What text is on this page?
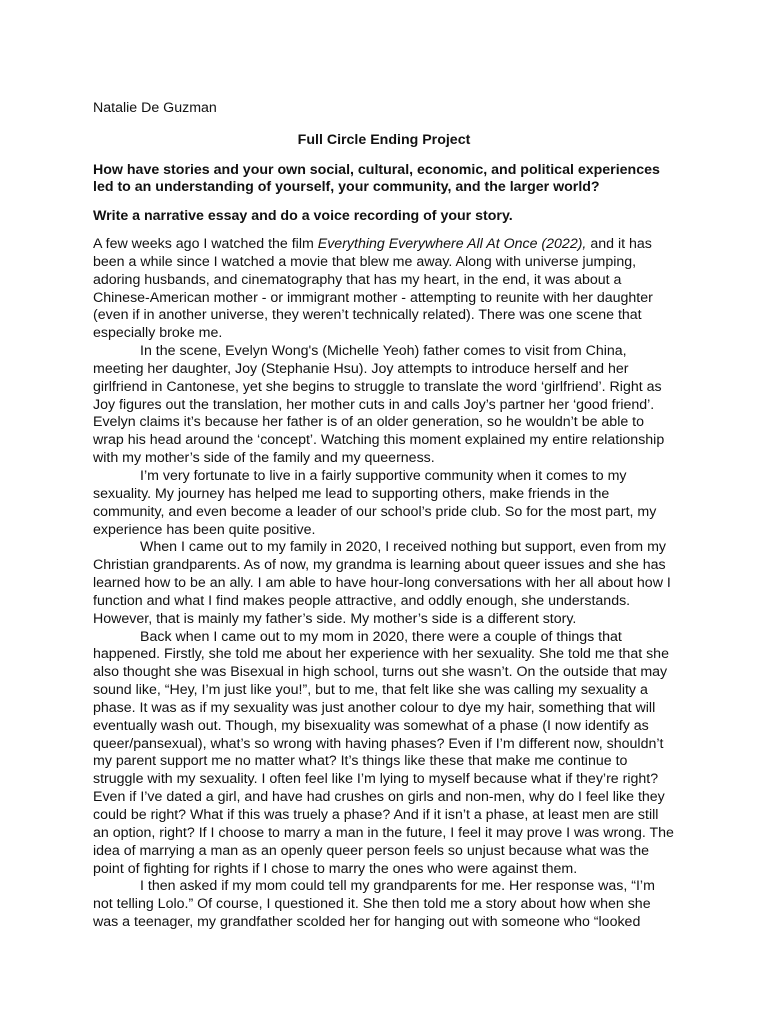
Natalie De Guzman
Full Circle Ending Project
How have stories and your own social, cultural, economic, and political experiences
led to an understanding of yourself, your community, and the larger world?
Write a narrative essay and do a voice recording of your story.
A few weeks ago I watched the film Everything Everywhere All At Once (2022), and it has
been a while since I watched a movie that blew me away. Along with universe jumping,
adoring husbands, and cinematography that has my heart, in the end, it was about a
Chinese-American mother - or immigrant mother - attempting to reunite with her daughter
(even if in another universe, they weren’t technically related). There was one scene that
especially broke me.
In the scene, Evelyn Wong's (Michelle Yeoh) father comes to visit from China,
meeting her daughter, Joy (Stephanie Hsu). Joy attempts to introduce herself and her
girlfriend in Cantonese, yet she begins to struggle to translate the word ‘girlfriend’. Right as
Joy figures out the translation, her mother cuts in and calls Joy’s partner her ‘good friend’.
Evelyn claims it’s because her father is of an older generation, so he wouldn’t be able to
wrap his head around the ‘concept’. Watching this moment explained my entire relationship
with my mother’s side of the family and my queerness.
I’m very fortunate to live in a fairly supportive community when it comes to my
sexuality. My journey has helped me lead to supporting others, make friends in the
community, and even become a leader of our school’s pride club. So for the most part, my
experience has been quite positive.
When I came out to my family in 2020, I received nothing but support, even from my
Christian grandparents. As of now, my grandma is learning about queer issues and she has
learned how to be an ally. I am able to have hour-long conversations with her all about how I
function and what I find makes people attractive, and oddly enough, she understands.
However, that is mainly my father’s side. My mother’s side is a different story.
Back when I came out to my mom in 2020, there were a couple of things that
happened. Firstly, she told me about her experience with her sexuality. She told me that she
also thought she was Bisexual in high school, turns out she wasn’t. On the outside that may
sound like, “Hey, I’m just like you!”, but to me, that felt like she was calling my sexuality a
phase. It was as if my sexuality was just another colour to dye my hair, something that will
eventually wash out. Though, my bisexuality was somewhat of a phase (I now identify as
queer/pansexual), what’s so wrong with having phases? Even if I’m different now, shouldn’t
my parent support me no matter what? It’s things like these that make me continue to
struggle with my sexuality. I often feel like I’m lying to myself because what if they’re right?
Even if I’ve dated a girl, and have had crushes on girls and non-men, why do I feel like they
could be right? What if this was truely a phase? And if it isn’t a phase, at least men are still
an option, right? If I choose to marry a man in the future, I feel it may prove I was wrong. The
idea of marrying a man as an openly queer person feels so unjust because what was the
point of fighting for rights if I chose to marry the ones who were against them.
I then asked if my mom could tell my grandparents for me. Her response was, “I’m
not telling Lolo.” Of course, I questioned it. She then told me a story about how when she
was a teenager, my grandfather scolded her for hanging out with someone who “looked
